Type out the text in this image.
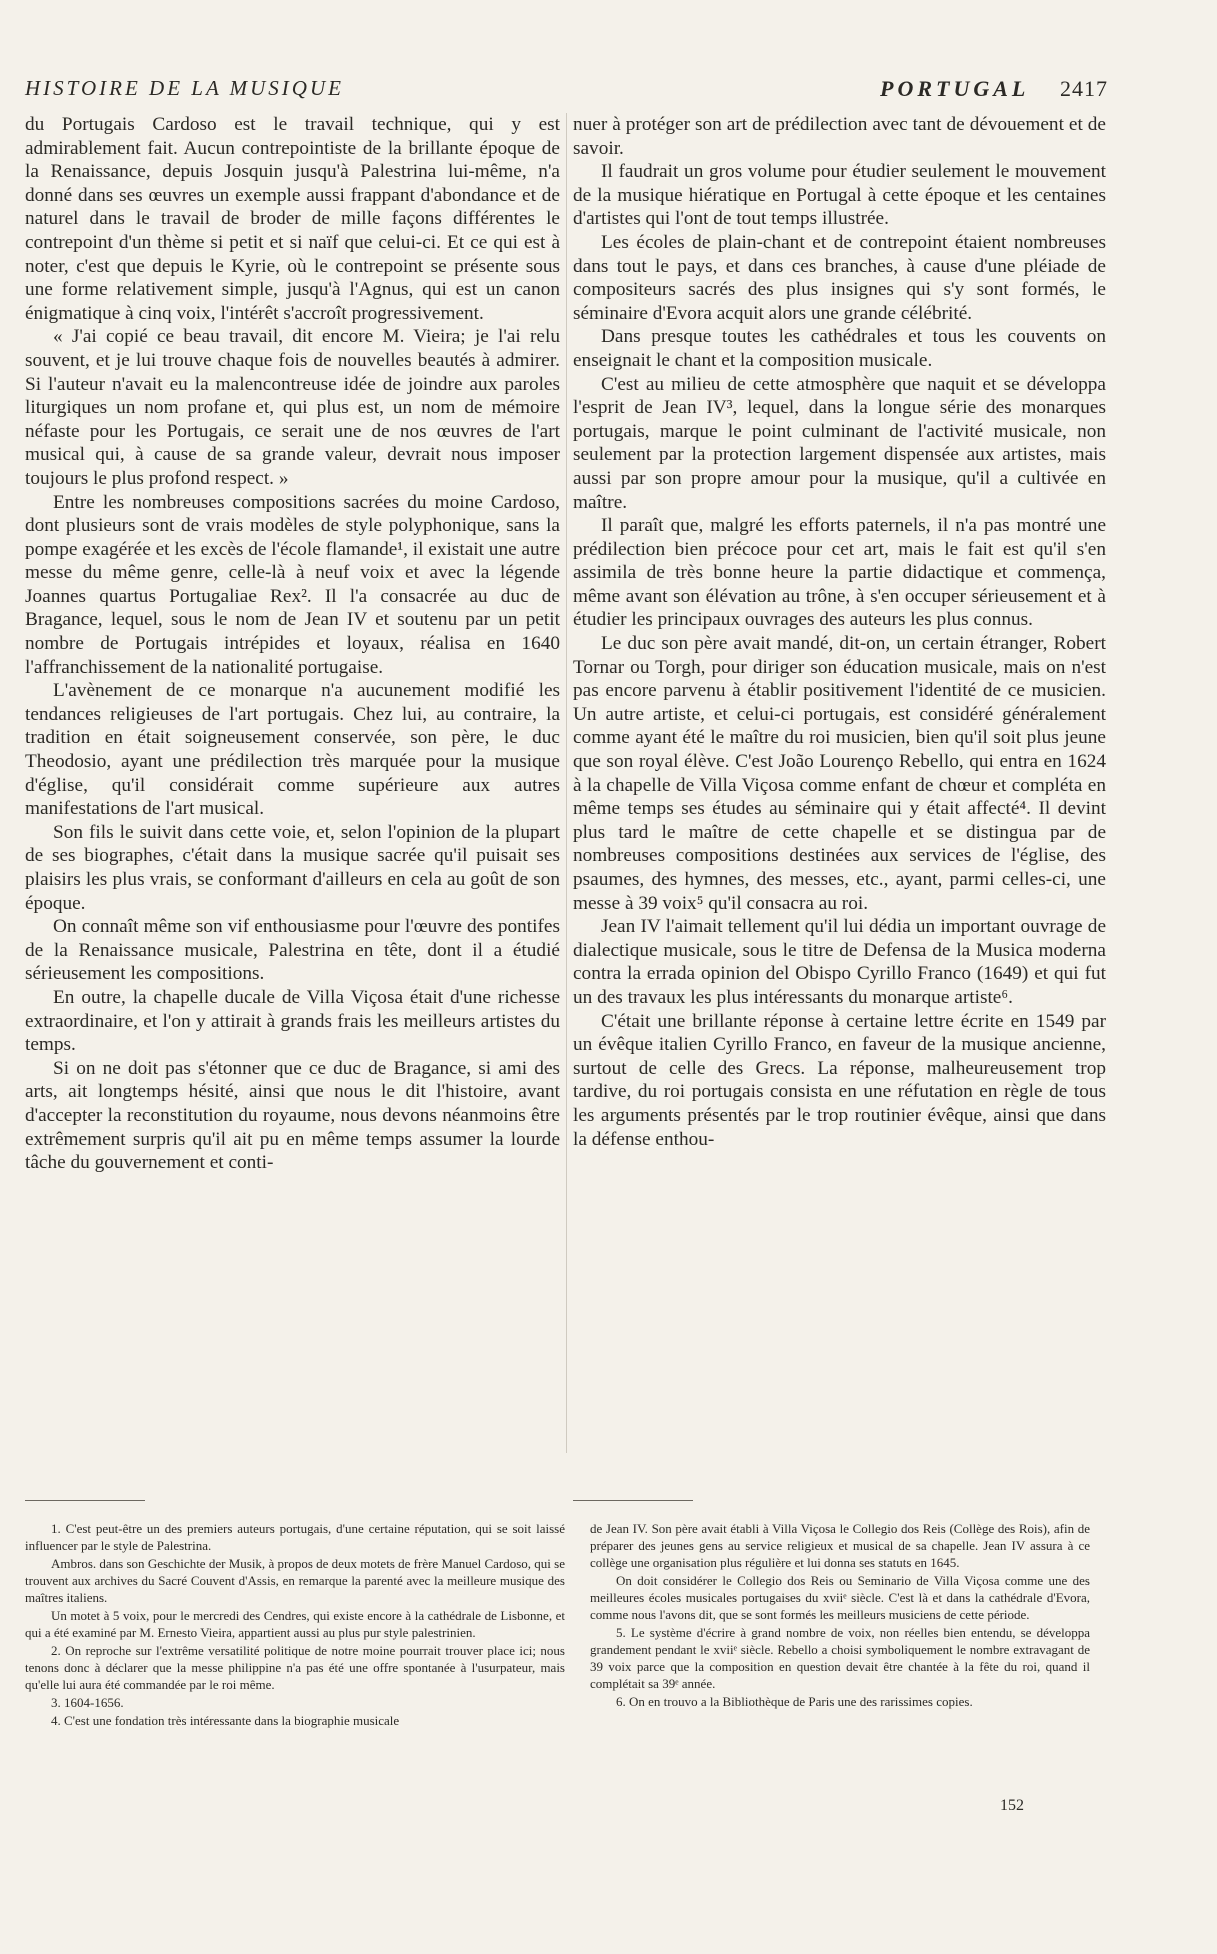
HISTOIRE DE LA MUSIQUE	PORTUGAL 2417

du Portugais Cardoso est le travail technique, qui y est admirablement fait. Aucun contrepointiste de la brillante époque de la Renaissance, depuis Josquin jusqu'à Palestrina lui-même, n'a donné dans ses œuvres un exemple aussi frappant d'abondance et de naturel dans le travail de broder de mille façons différentes le contrepoint d'un thème si petit et si naïf que celui-ci. Et ce qui est à noter, c'est que depuis le Kyrie, où le contrepoint se présente sous une forme relativement simple, jusqu'à l'Agnus, qui est un canon énigmatique à cinq voix, l'intérêt s'accroît progressivement.

« J'ai copié ce beau travail, dit encore M. Vieira; je l'ai relu souvent, et je lui trouve chaque fois de nouvelles beautés à admirer. Si l'auteur n'avait eu la malencontreuse idée de joindre aux paroles liturgiques un nom profane et, qui plus est, un nom de mémoire néfaste pour les Portugais, ce serait une de nos œuvres de l'art musical qui, à cause de sa grande valeur, devrait nous imposer toujours le plus profond respect. »

Entre les nombreuses compositions sacrées du moine Cardoso, dont plusieurs sont de vrais modèles de style polyphonique, sans la pompe exagérée et les excès de l'école flamande¹, il existait une autre messe du même genre, celle-là à neuf voix et avec la légende Joannes quartus Portugaliae Rex². Il l'a consacrée au duc de Bragance, lequel, sous le nom de Jean IV et soutenu par un petit nombre de Portugais intrépides et loyaux, réalisa en 1640 l'affranchissement de la nationalité portugaise.

L'avènement de ce monarque n'a aucunement modifié les tendances religieuses de l'art portugais. Chez lui, au contraire, la tradition en était soigneusement conservée, son père, le duc Theodosio, ayant une prédilection très marquée pour la musique d'église, qu'il considérait comme supérieure aux autres manifestations de l'art musical.

Son fils le suivit dans cette voie, et, selon l'opinion de la plupart de ses biographes, c'était dans la musique sacrée qu'il puisait ses plaisirs les plus vrais, se conformant d'ailleurs en cela au goût de son époque.

On connaît même son vif enthousiasme pour l'œuvre des pontifes de la Renaissance musicale, Palestrina en tête, dont il a étudié sérieusement les compositions.

En outre, la chapelle ducale de Villa Viçosa était d'une richesse extraordinaire, et l'on y attirait à grands frais les meilleurs artistes du temps.

Si on ne doit pas s'étonner que ce duc de Bragance, si ami des arts, ait longtemps hésité, ainsi que nous le dit l'histoire, avant d'accepter la reconstitution du royaume, nous devons néanmoins être extrêmement surpris qu'il ait pu en même temps assumer la lourde tâche du gouvernement et conti-

nuer à protéger son art de prédilection avec tant de dévouement et de savoir.

Il faudrait un gros volume pour étudier seulement le mouvement de la musique hiératique en Portugal à cette époque et les centaines d'artistes qui l'ont de tout temps illustrée.

Les écoles de plain-chant et de contrepoint étaient nombreuses dans tout le pays, et dans ces branches, à cause d'une pléiade de compositeurs sacrés des plus insignes qui s'y sont formés, le séminaire d'Evora acquit alors une grande célébrité.

Dans presque toutes les cathédrales et tous les couvents on enseignait le chant et la composition musicale.

C'est au milieu de cette atmosphère que naquit et se développa l'esprit de Jean IV³, lequel, dans la longue série des monarques portugais, marque le point culminant de l'activité musicale, non seulement par la protection largement dispensée aux artistes, mais aussi par son propre amour pour la musique, qu'il a cultivée en maître.

Il paraît que, malgré les efforts paternels, il n'a pas montré une prédilection bien précoce pour cet art, mais le fait est qu'il s'en assimila de très bonne heure la partie didactique et commença, même avant son élévation au trône, à s'en occuper sérieusement et à étudier les principaux ouvrages des auteurs les plus connus.

Le duc son père avait mandé, dit-on, un certain étranger, Robert Tornar ou Torgh, pour diriger son éducation musicale, mais on n'est pas encore parvenu à établir positivement l'identité de ce musicien. Un autre artiste, et celui-ci portugais, est considéré généralement comme ayant été le maître du roi musicien, bien qu'il soit plus jeune que son royal élève. C'est João Lourenço Rebello, qui entra en 1624 à la chapelle de Villa Viçosa comme enfant de chœur et compléta en même temps ses études au séminaire qui y était affecté⁴. Il devint plus tard le maître de cette chapelle et se distingua par de nombreuses compositions destinées aux services de l'église, des psaumes, des hymnes, des messes, etc., ayant, parmi celles-ci, une messe à 39 voix⁵ qu'il consacra au roi.

Jean IV l'aimait tellement qu'il lui dédia un important ouvrage de dialectique musicale, sous le titre de Defensa de la Musica moderna contra la errada opinion del Obispo Cyrillo Franco (1649) et qui fut un des travaux les plus intéressants du monarque artiste⁶.

C'était une brillante réponse à certaine lettre écrite en 1549 par un évêque italien Cyrillo Franco, en faveur de la musique ancienne, surtout de celle des Grecs. La réponse, malheureusement trop tardive, du roi portugais consista en une réfutation en règle de tous les arguments présentés par le trop routinier évêque, ainsi que dans la défense enthou-

1. C'est peut-être un des premiers auteurs portugais, d'une certaine réputation, qui se soit laissé influencer par le style de Palestrina.

Ambros. dans son Geschichte der Musik, à propos de deux motets de frère Manuel Cardoso, qui se trouvent aux archives du Sacré Couvent d'Assis, en remarque la parenté avec la meilleure musique des maîtres italiens.

Un motet à 5 voix, pour le mercredi des Cendres, qui existe encore à la cathédrale de Lisbonne, et qui a été examiné par M. Ernesto Vieira, appartient aussi au plus pur style palestrinien.

2. On reproche sur l'extrême versatilité politique de notre moine pourrait trouver place ici; nous tenons donc à déclarer que la messe philippine n'a pas été une offre spontanée à l'usurpateur, mais qu'elle lui aura été commandée par le roi même.

3. 1604-1656.

4. C'est une fondation très intéressante dans la biographie musicale

de Jean IV. Son père avait établi à Villa Viçosa le Collegio dos Reis (Collège des Rois), afin de préparer des jeunes gens au service religieux et musical de sa chapelle. Jean IV assura à ce collège une organisation plus régulière et lui donna ses statuts en 1645.

On doit considérer le Collegio dos Reis ou Seminario de Villa Viçosa comme une des meilleures écoles musicales portugaises du xviiᵉ siècle. C'est là et dans la cathédrale d'Evora, comme nous l'avons dit, que se sont formés les meilleurs musiciens de cette période.

5. Le système d'écrire à grand nombre de voix, non réelles bien entendu, se développa grandement pendant le xviiᵉ siècle. Rebello a choisi symboliquement le nombre extravagant de 39 voix parce que la composition en question devait être chantée à la fête du roi, quand il complétait sa 39ᵉ année.

6. On en trouvo a la Bibliothèque de Paris une des rarissimes copies.

152
